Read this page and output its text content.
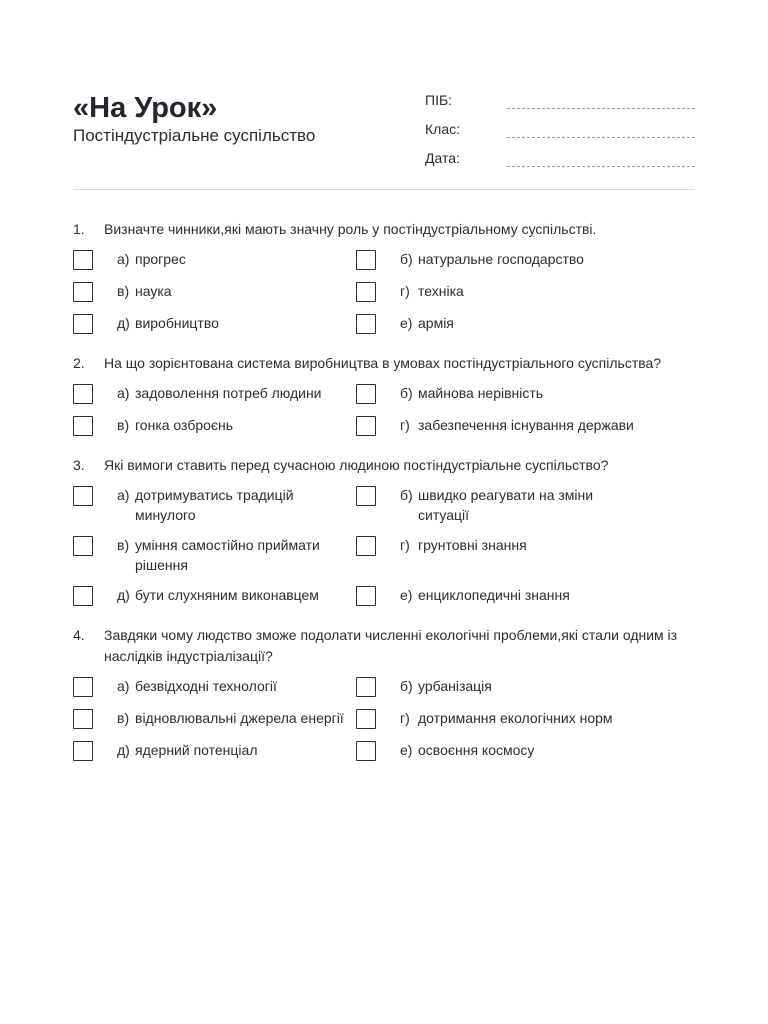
«На Урок»
Постіндустріальне суспільство
ПІБ:
Клас:
Дата:
1. Визначте чинники,які мають значну роль у постіндустріальному суспільстві.
а) прогрес	б) натуральне господарство
в) наука	г) техніка
д) виробництво	е) армія
2. На що зорієнтована система виробництва в умовах постіндустріального суспільства?
а) задоволення потреб людини	б) майнова нерівність
в) гонка озброєнь	г) забезпечення існування держави
3. Які вимоги ставить перед сучасною людиною постіндустріальне суспільство?
а) дотримуватись традицій минулого
б) швидко реагувати на зміни ситуації
в) уміння самостійно приймати рішення
г) грунтовні знання
д) бути слухняним виконавцем	е) енциклопедичні знання
4. Завдяки чому людство зможе подолати численні екологічні проблеми,які стали одним із наслідків індустріалізації?
а) безвідходні технології	б) урбанізація
в) відновлювальні джерела енергії	г) дотримання екологічних норм
д) ядерний потенціал	е) освоєння космосу
